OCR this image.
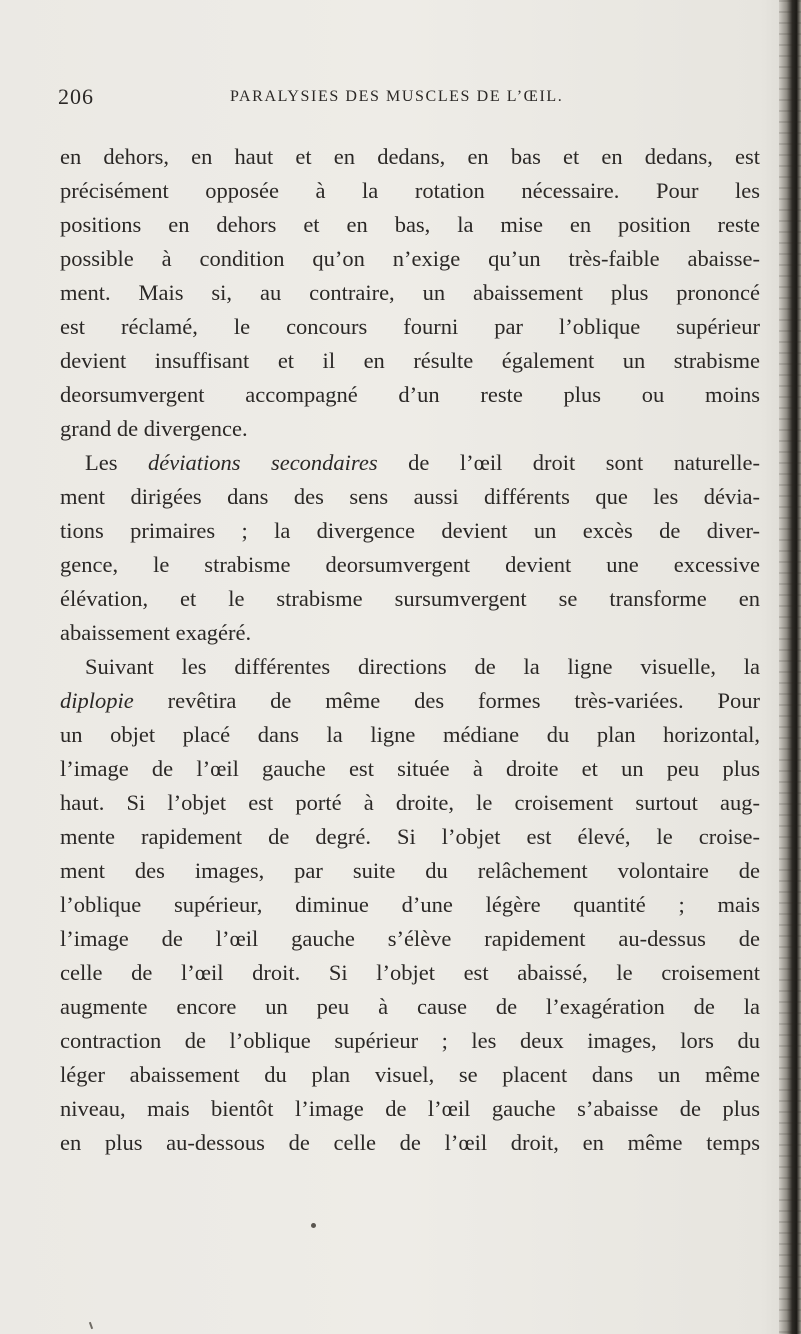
206	PARALYSIES DES MUSCLES DE L’ŒIL.
en dehors, en haut et en dedans, en bas et en dedans, est
précisément opposée à la rotation nécessaire. Pour les
positions en dehors et en bas, la mise en position reste
possible à condition qu’on n’exige qu’un très-faible abaisse-
ment. Mais si, au contraire, un abaissement plus prononcé
est réclamé, le concours fourni par l’oblique supérieur
devient insuffisant et il en résulte également un strabisme
deorsumvergent accompagné d’un reste plus ou moins
grand de divergence.
Les déviations secondaires de l’œil droit sont naturelle-
ment dirigées dans des sens aussi différents que les dévia-
tions primaires ; la divergence devient un excès de diver-
gence, le strabisme deorsumvergent devient une excessive
élévation, et le strabisme sursumvergent se transforme en
abaissement exagéré.
Suivant les différentes directions de la ligne visuelle, la
diplopie revêtira de même des formes très-variées. Pour
un objet placé dans la ligne médiane du plan horizontal,
l’image de l’œil gauche est située à droite et un peu plus
haut. Si l’objet est porté à droite, le croisement surtout aug-
mente rapidement de degré. Si l’objet est élevé, le croise-
ment des images, par suite du relâchement volontaire de
l’oblique supérieur, diminue d’une légère quantité ; mais
l’image de l’œil gauche s’élève rapidement au-dessus de
celle de l’œil droit. Si l’objet est abaissé, le croisement
augmente encore un peu à cause de l’exagération de la
contraction de l’oblique supérieur ; les deux images, lors du
léger abaissement du plan visuel, se placent dans un même
niveau, mais bientôt l’image de l’œil gauche s’abaisse de plus
en plus au-dessous de celle de l’œil droit, en même temps
